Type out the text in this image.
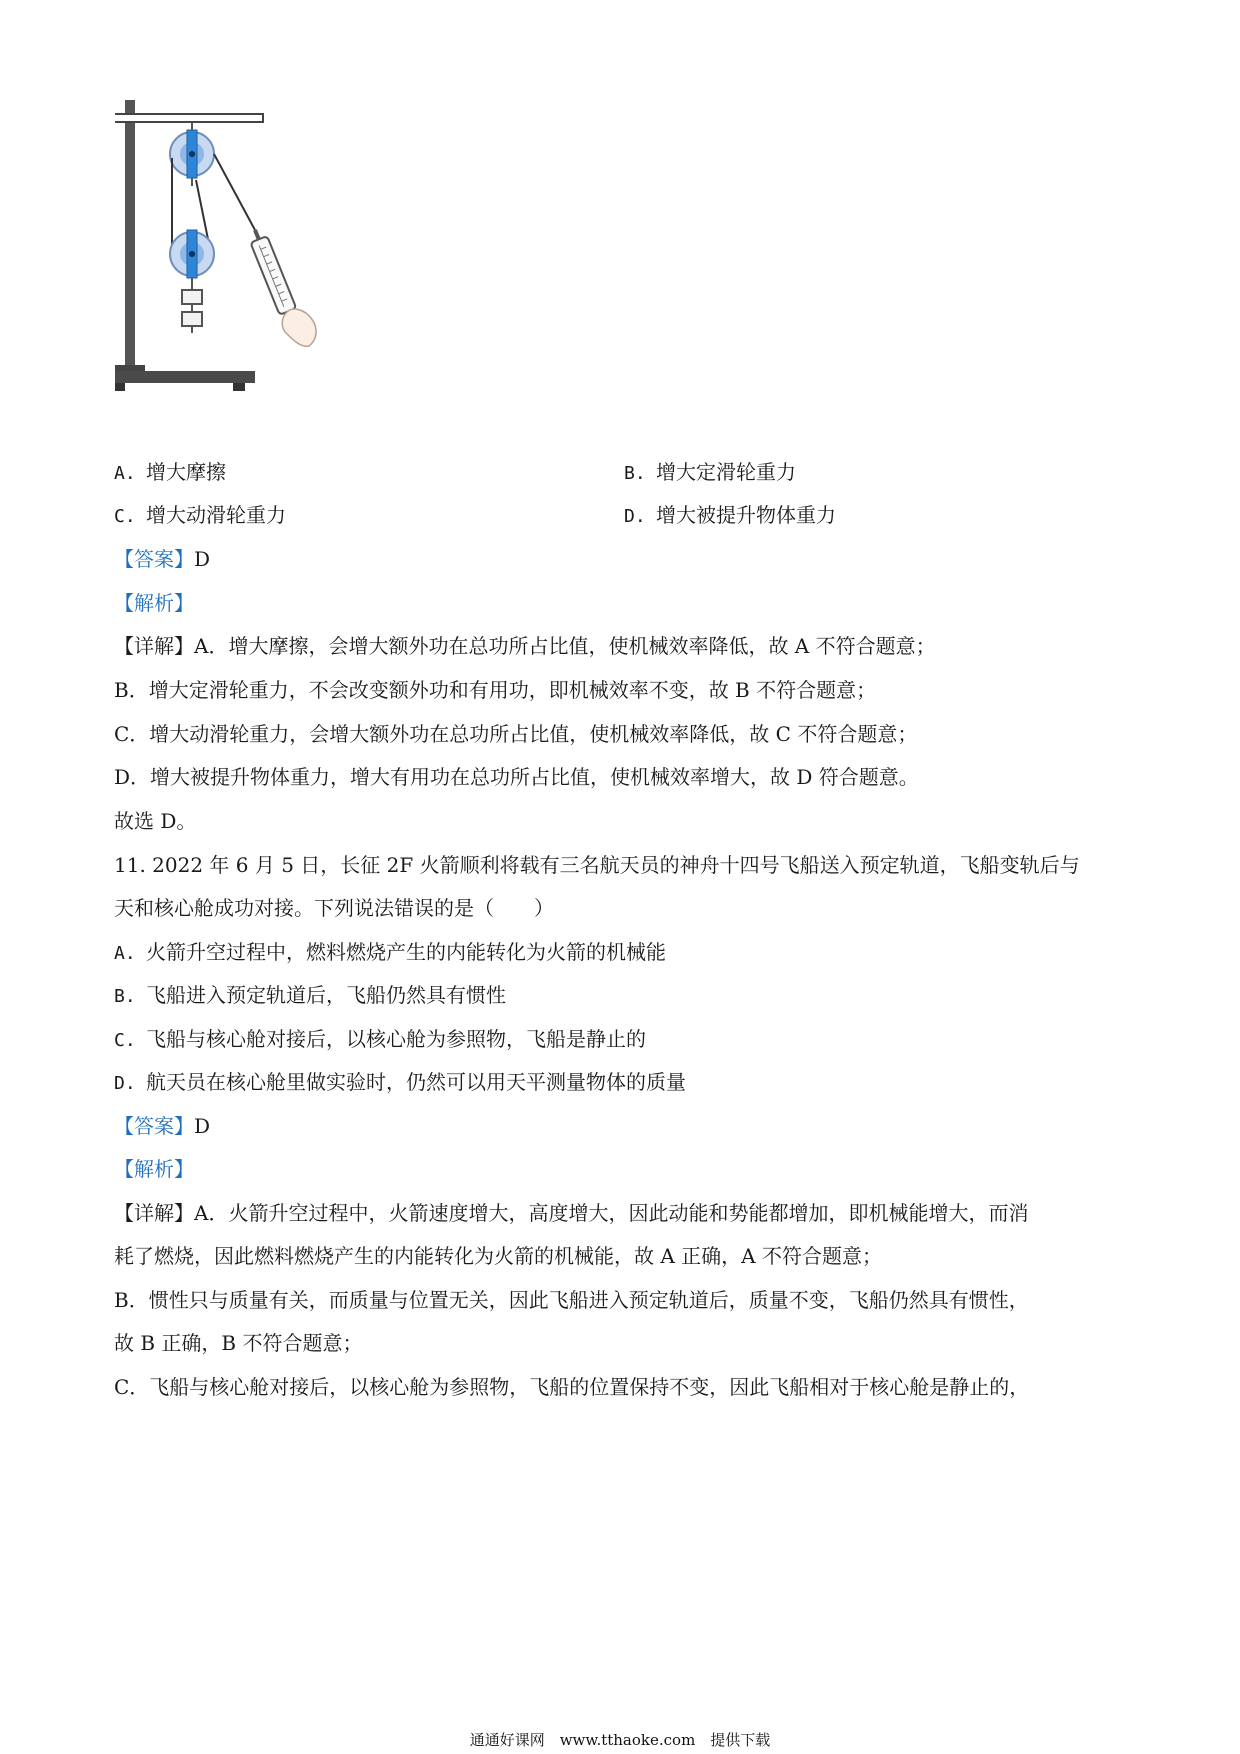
A. 增大摩擦	B. 增大定滑轮重力
C. 增大动滑轮重力	D. 增大被提升物体重力
【答案】D
【解析】
【详解】A．增大摩擦，会增大额外功在总功所占比值，使机械效率降低，故 A 不符合题意；
B．增大定滑轮重力，不会改变额外功和有用功，即机械效率不变，故 B 不符合题意；
C．增大动滑轮重力，会增大额外功在总功所占比值，使机械效率降低，故 C 不符合题意；
D．增大被提升物体重力，增大有用功在总功所占比值，使机械效率增大，故 D 符合题意。
故选 D。
11. 2022 年 6 月 5 日，长征 2F 火箭顺利将载有三名航天员的神舟十四号飞船送入预定轨道，飞船变轨后与
天和核心舱成功对接。下列说法错误的是（　　）
A. 火箭升空过程中，燃料燃烧产生的内能转化为火箭的机械能
B. 飞船进入预定轨道后，飞船仍然具有惯性
C. 飞船与核心舱对接后，以核心舱为参照物，飞船是静止的
D. 航天员在核心舱里做实验时，仍然可以用天平测量物体的质量
【答案】D
【解析】
【详解】A．火箭升空过程中，火箭速度增大，高度增大，因此动能和势能都增加，即机械能增大，而消
耗了燃烧，因此燃料燃烧产生的内能转化为火箭的机械能，故 A 正确，A 不符合题意；
B．惯性只与质量有关，而质量与位置无关，因此飞船进入预定轨道后，质量不变，飞船仍然具有惯性，
故 B 正确，B 不符合题意；
C．飞船与核心舱对接后，以核心舱为参照物，飞船的位置保持不变，因此飞船相对于核心舱是静止的，
通通好课网　www.tthaoke.com　提供下载
